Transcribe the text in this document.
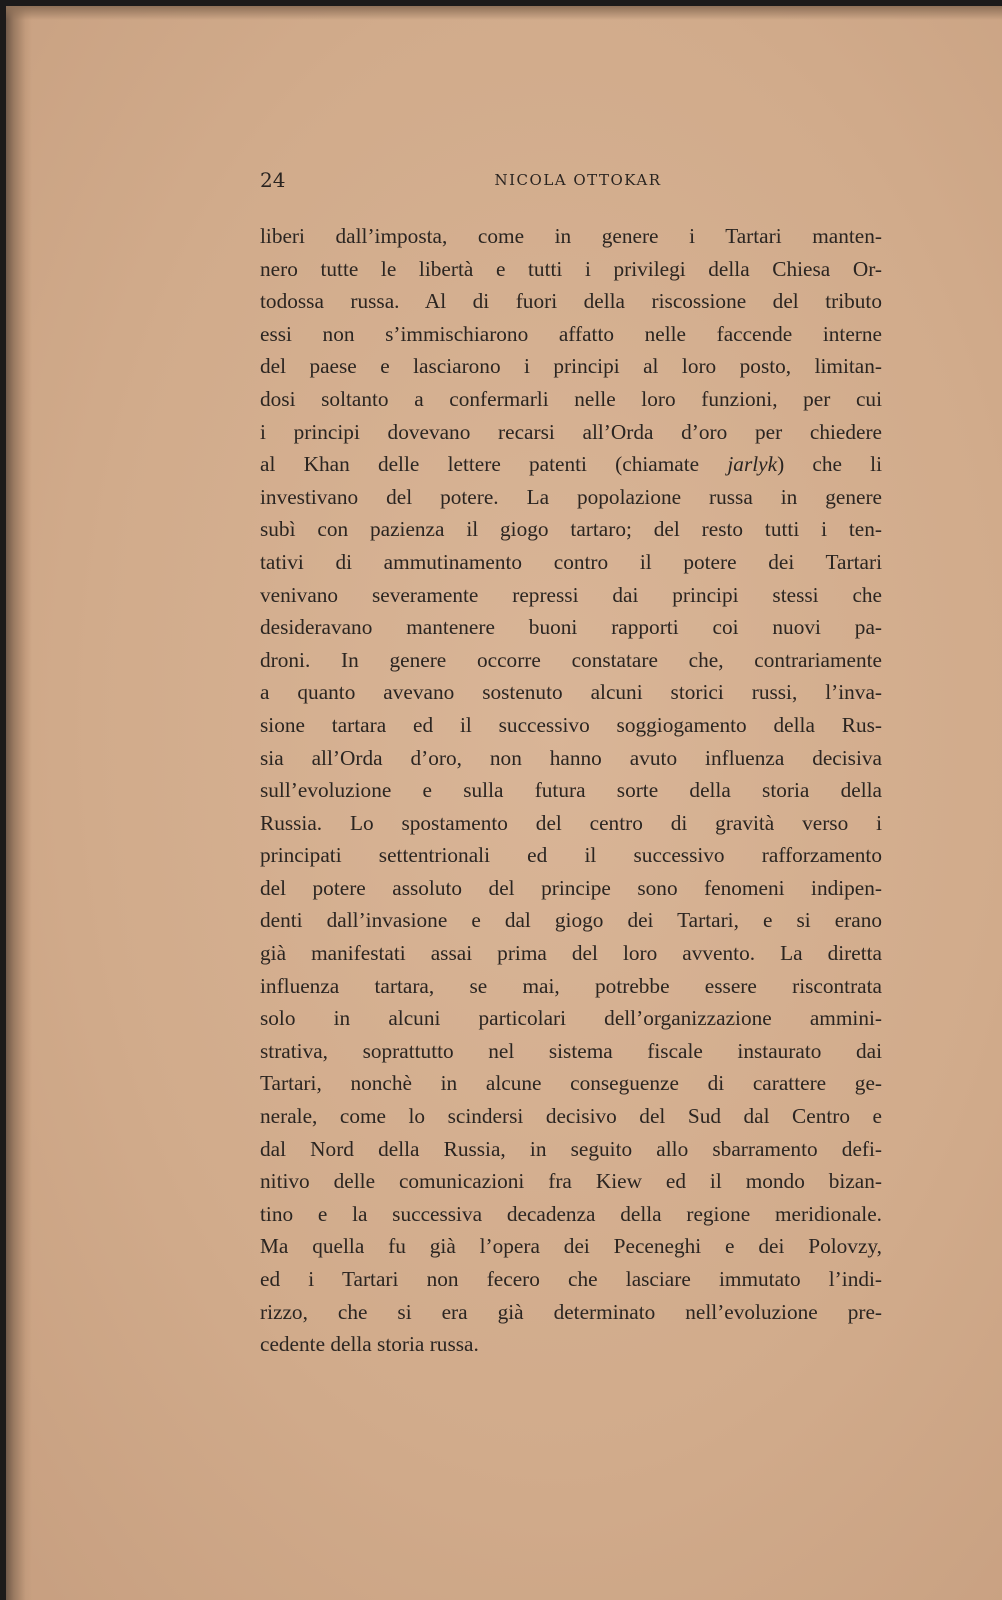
24	NICOLA OTTOKAR
liberi dall’imposta, come in genere i Tartari manten-
nero tutte le libertà e tutti i privilegi della Chiesa Or-
todossa russa. Al di fuori della riscossione del tributo
essi non s’immischiarono affatto nelle faccende interne
del paese e lasciarono i principi al loro posto, limitan-
dosi soltanto a confermarli nelle loro funzioni, per cui
i principi dovevano recarsi all’Orda d’oro per chiedere
al Khan delle lettere patenti (chiamate jarlyk) che li
investivano del potere. La popolazione russa in genere
subì con pazienza il giogo tartaro; del resto tutti i ten-
tativi di ammutinamento contro il potere dei Tartari
venivano severamente repressi dai principi stessi che
desideravano mantenere buoni rapporti coi nuovi pa-
droni. In genere occorre constatare che, contrariamente
a quanto avevano sostenuto alcuni storici russi, l’inva-
sione tartara ed il successivo soggiogamento della Rus-
sia all’Orda d’oro, non hanno avuto influenza decisiva
sull’evoluzione e sulla futura sorte della storia della
Russia. Lo spostamento del centro di gravità verso i
principati settentrionali ed il successivo rafforzamento
del potere assoluto del principe sono fenomeni indipen-
denti dall’invasione e dal giogo dei Tartari, e si erano
già manifestati assai prima del loro avvento. La diretta
influenza tartara, se mai, potrebbe essere riscontrata
solo in alcuni particolari dell’organizzazione ammini-
strativa, soprattutto nel sistema fiscale instaurato dai
Tartari, nonchè in alcune conseguenze di carattere ge-
nerale, come lo scindersi decisivo del Sud dal Centro e
dal Nord della Russia, in seguito allo sbarramento defi-
nitivo delle comunicazioni fra Kiew ed il mondo bizan-
tino e la successiva decadenza della regione meridionale.
Ma quella fu già l’opera dei Peceneghi e dei Polovzy,
ed i Tartari non fecero che lasciare immutato l’indi-
rizzo, che si era già determinato nell’evoluzione pre-
cedente della storia russa.
